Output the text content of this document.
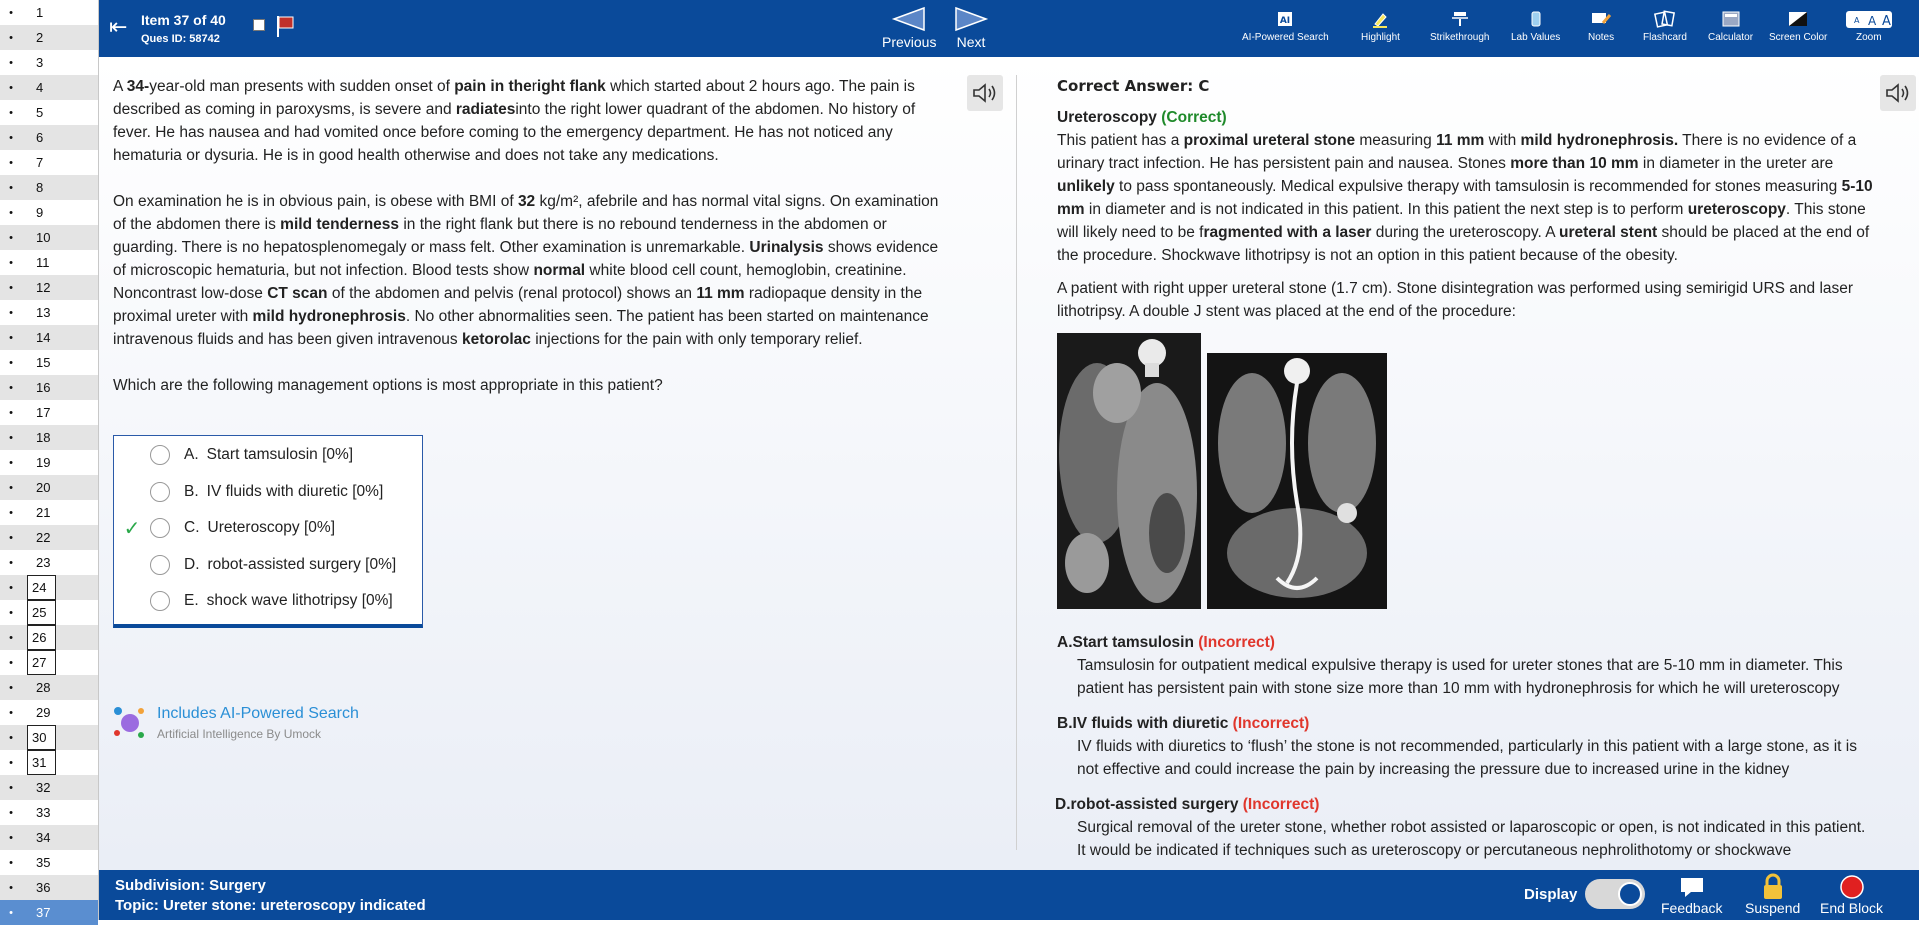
•	1
•	2
•	3
•	4
•	5
•	6
•	7
•	8
•	9
•	10
•	11
•	12
•	13
•	14
•	15
•	16
•	17
•	18
•	19
•	20
•	21
•	22
•	23
•	24
•	25
•	26
•	27
•	28
•	29
•	30
•	31
•	32
•	33
•	34
•	35
•	36
•	37
⇤ Item 37 of 40
Ques ID: 58742	Previous Next
AI
AI-Powered Search	Highlight	Strikethrough Lab Values	Notes	Flashcard Calculator Screen Color
A A A
Zoom

A 34-year-old man presents with sudden onset of pain in theright flank which started about 2 hours ago. The pain is described as coming in paroxysms, is severe and radiatesinto the right lower quadrant of the abdomen. No history of fever. He has nausea and had vomited once before coming to the emergency department. He has not noticed any hematuria or dysuria. He is in good health otherwise and does not take any medications.

On examination he is in obvious pain, is obese with BMI of 32 kg/m², afebrile and has normal vital signs. On examination of the abdomen there is mild tenderness in the right flank but there is no rebound tenderness in the abdomen or guarding. There is no hepatosplenomegaly or mass felt. Other examination is unremarkable. Urinalysis shows evidence of microscopic hematuria, but not infection. Blood tests show normal white blood cell count, hemoglobin, creatinine. Noncontrast low-dose CT scan of the abdomen and pelvis (renal protocol) shows an 11 mm radiopaque density in the proximal ureter with mild hydronephrosis. No other abnormalities seen. The patient has been started on maintenance intravenous fluids and has been given intravenous ketorolac injections for the pain with only temporary relief.

Which are the following management options is most appropriate in this patient?

A. Start tamsulosin [0%]
B. IV fluids with diuretic [0%]
✓	C. Ureteroscopy [0%]
D. robot-assisted surgery [0%]
E. shock wave lithotripsy [0%]
Includes AI-Powered Search
Artificial Intelligence By Umock
Correct Answer: C
Ureteroscopy (Correct)

This patient has a proximal ureteral stone measuring 11 mm with mild hydronephrosis. There is no evidence of a urinary tract infection. He has persistent pain and nausea. Stones more than 10 mm in diameter in the ureter are unlikely to pass spontaneously. Medical expulsive therapy with tamsulosin is recommended for stones measuring 5-10 mm in diameter and is not indicated in this patient. In this patient the next step is to perform ureteroscopy. This stone will likely need to be fragmented with a laser during the ureteroscopy. A ureteral stent should be placed at the end of the procedure. Shockwave lithotripsy is not an option in this patient because of the obesity.

A patient with right upper ureteral stone (1.7 cm). Stone disintegration was performed using semirigid URS and laser lithotripsy. A double J stent was placed at the end of the procedure:

A.Start tamsulosin (Incorrect)
Tamsulosin for outpatient medical expulsive therapy is used for ureter stones that are 5-10 mm in diameter. This patient has persistent pain with stone size more than 10 mm with hydronephrosis for which he will ureteroscopy
B.IV fluids with diuretic (Incorrect)
IV fluids with diuretics to ‘flush’ the stone is not recommended, particularly in this patient with a large stone, as it is not effective and could increase the pain by increasing the pressure due to increased urine in the kidney
D.robot-assisted surgery (Incorrect)
Surgical removal of the ureter stone, whether robot assisted or laparoscopic or open, is not indicated in this patient. It would be indicated if techniques such as ureteroscopy or percutaneous nephrolithotomy or shockwave
Subdivision: Surgery
Topic: Ureter stone: ureteroscopy indicated
Display
Feedback Suspend End Block
